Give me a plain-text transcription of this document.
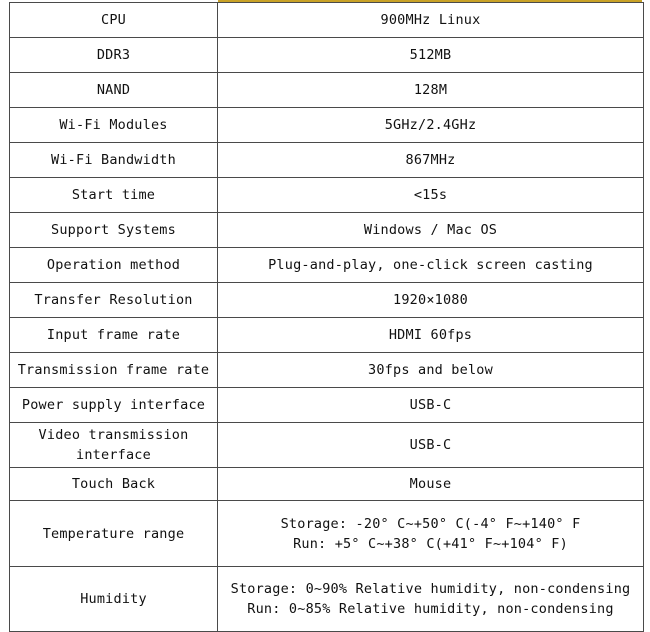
CPU	900MHz Linux
DDR3	512MB
NAND	128M
Wi-Fi Modules	5GHz/2.4GHz
Wi-Fi Bandwidth	867MHz
Start time	<15s
Support Systems	Windows / Mac OS
Operation method	Plug-and-play, one-click screen casting
Transfer Resolution	1920×1080
Input frame rate	HDMI 60fps
Transmission frame rate	30fps and below
Power supply interface	USB-C
Video transmission interface	USB-C
Touch Back	Mouse
Temperature range	Storage: -20° C~+50° C(-4° F~+140° F
Run: +5° C~+38° C(+41° F~+104° F)

Humidity	Storage: 0~90% Relative humidity, non-condensing
Run: 0~85% Relative humidity, non-condensing
